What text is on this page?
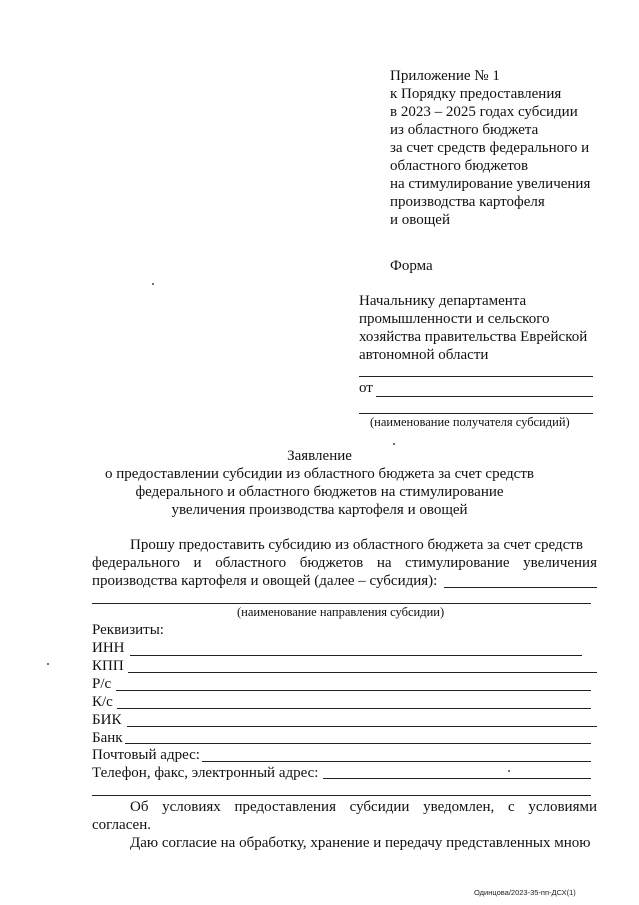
Приложение № 1
к Порядку предоставления
в 2023 – 2025 годах субсидии
из областного бюджета
за счет средств федерального и
областного бюджетов
на стимулирование увеличения
производства картофеля
и овощей
Форма
Начальнику департамента
промышленности и сельского
хозяйства правительства Еврейской
автономной области
от
(наименование получателя субсидий)
Заявление
о предоставлении субсидии из областного бюджета за счет средств
федерального и областного бюджетов на стимулирование
увеличения производства картофеля и овощей
Прошу предоставить субсидию из областного бюджета за счет средств
федерального и областного бюджетов на стимулирование увеличения
производства картофеля и овощей (далее – субсидия):
(наименование направления субсидии)
Реквизиты:
ИНН
КПП
Р/с
К/с
БИК
Банк
Почтовый адрес:
Телефон, факс, электронный адрес:
Об условиях предоставления субсидии уведомлен, с условиями
согласен.
Даю согласие на обработку, хранение и передачу представленных мною
Одинцова/2023-35-пп-ДСХ(1)
